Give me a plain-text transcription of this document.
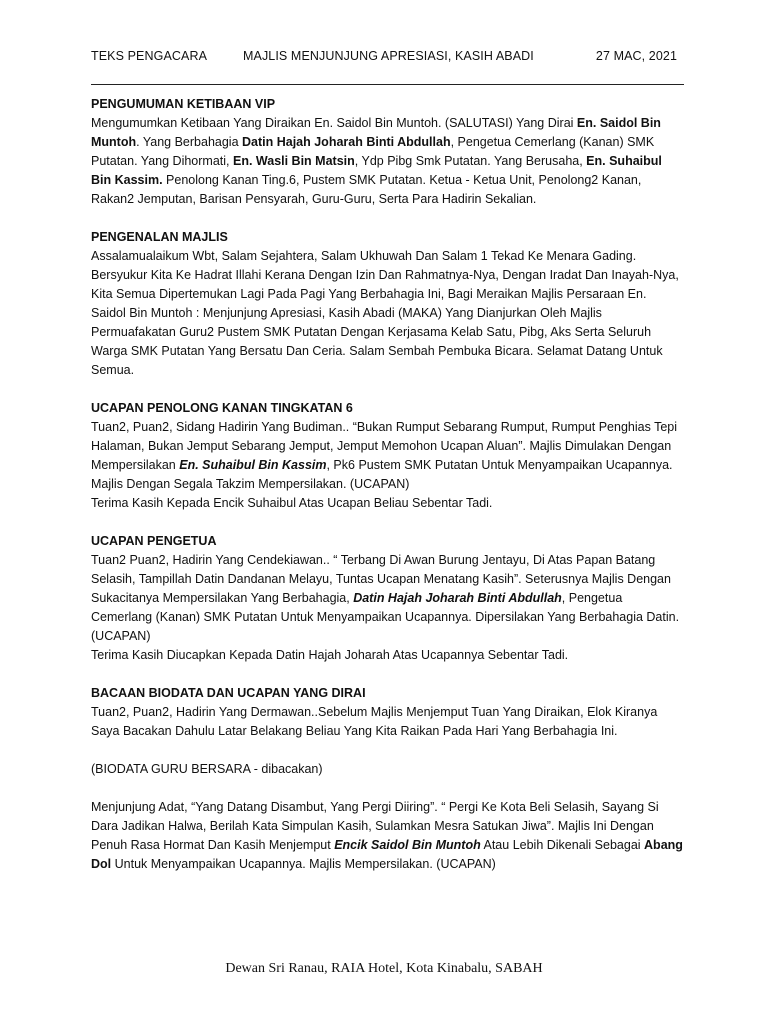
TEKS PENGACARA	MAJLIS MENJUNJUNG APRESIASI, KASIH ABADI	27 MAC, 2021
PENGUMUMAN KETIBAAN VIP

Mengumumkan Ketibaan Yang Diraikan En. Saidol Bin Muntoh. (SALUTASI) Yang Dirai En. Saidol Bin Muntoh. Yang Berbahagia Datin Hajah Joharah Binti Abdullah, Pengetua Cemerlang (Kanan) SMK Putatan. Yang Dihormati, En. Wasli Bin Matsin, Ydp Pibg Smk Putatan. Yang Berusaha, En. Suhaibul Bin Kassim. Penolong Kanan Ting.6, Pustem SMK Putatan. Ketua - Ketua Unit, Penolong2 Kanan, Rakan2 Jemputan, Barisan Pensyarah, Guru-Guru, Serta Para Hadirin Sekalian.

PENGENALAN MAJLIS

Assalamualaikum Wbt, Salam Sejahtera, Salam Ukhuwah Dan Salam 1 Tekad Ke Menara Gading. Bersyukur Kita Ke Hadrat Illahi Kerana Dengan Izin Dan Rahmatnya-Nya, Dengan Iradat Dan Inayah-Nya, Kita Semua Dipertemukan Lagi Pada Pagi Yang Berbahagia Ini, Bagi Meraikan Majlis Persaraan En. Saidol Bin Muntoh : Menjunjung Apresiasi, Kasih Abadi (MAKA) Yang Dianjurkan Oleh Majlis Permuafakatan Guru2 Pustem SMK Putatan Dengan Kerjasama Kelab Satu, Pibg, Aks Serta Seluruh Warga SMK Putatan Yang Bersatu Dan Ceria. Salam Sembah Pembuka Bicara. Selamat Datang Untuk Semua.

UCAPAN PENOLONG KANAN TINGKATAN 6

Tuan2, Puan2, Sidang Hadirin Yang Budiman.. “Bukan Rumput Sebarang Rumput, Rumput Penghias Tepi Halaman, Bukan Jemput Sebarang Jemput, Jemput Memohon Ucapan Aluan”. Majlis Dimulakan Dengan Mempersilakan En. Suhaibul Bin Kassim, Pk6 Pustem SMK Putatan Untuk Menyampaikan Ucapannya. Majlis Dengan Segala Takzim Mempersilakan. (UCAPAN)

Terima Kasih Kepada Encik Suhaibul Atas Ucapan Beliau Sebentar Tadi.

UCAPAN PENGETUA

Tuan2 Puan2, Hadirin Yang Cendekiawan.. “ Terbang Di Awan Burung Jentayu, Di Atas Papan Batang Selasih, Tampillah Datin Dandanan Melayu, Tuntas Ucapan Menatang Kasih”. Seterusnya Majlis Dengan Sukacitanya Mempersilakan Yang Berbahagia, Datin Hajah Joharah Binti Abdullah, Pengetua Cemerlang (Kanan) SMK Putatan Untuk Menyampaikan Ucapannya. Dipersilakan Yang Berbahagia Datin. (UCAPAN)

Terima Kasih Diucapkan Kepada Datin Hajah Joharah Atas Ucapannya Sebentar Tadi.

BACAAN BIODATA DAN UCAPAN YANG DIRAI

Tuan2, Puan2, Hadirin Yang Dermawan..Sebelum Majlis Menjemput Tuan Yang Diraikan, Elok Kiranya Saya Bacakan Dahulu Latar Belakang Beliau Yang Kita Raikan Pada Hari Yang Berbahagia Ini.

(BIODATA GURU BERSARA - dibacakan)

Menjunjung Adat, “Yang Datang Disambut, Yang Pergi Diiring”. “ Pergi Ke Kota Beli Selasih, Sayang Si Dara Jadikan Halwa, Berilah Kata Simpulan Kasih, Sulamkan Mesra Satukan Jiwa”. Majlis Ini Dengan Penuh Rasa Hormat Dan Kasih Menjemput Encik Saidol Bin Muntoh Atau Lebih Dikenali Sebagai Abang Dol Untuk Menyampaikan Ucapannya. Majlis Mempersilakan. (UCAPAN)

Dewan Sri Ranau, RAIA Hotel, Kota Kinabalu, SABAH
